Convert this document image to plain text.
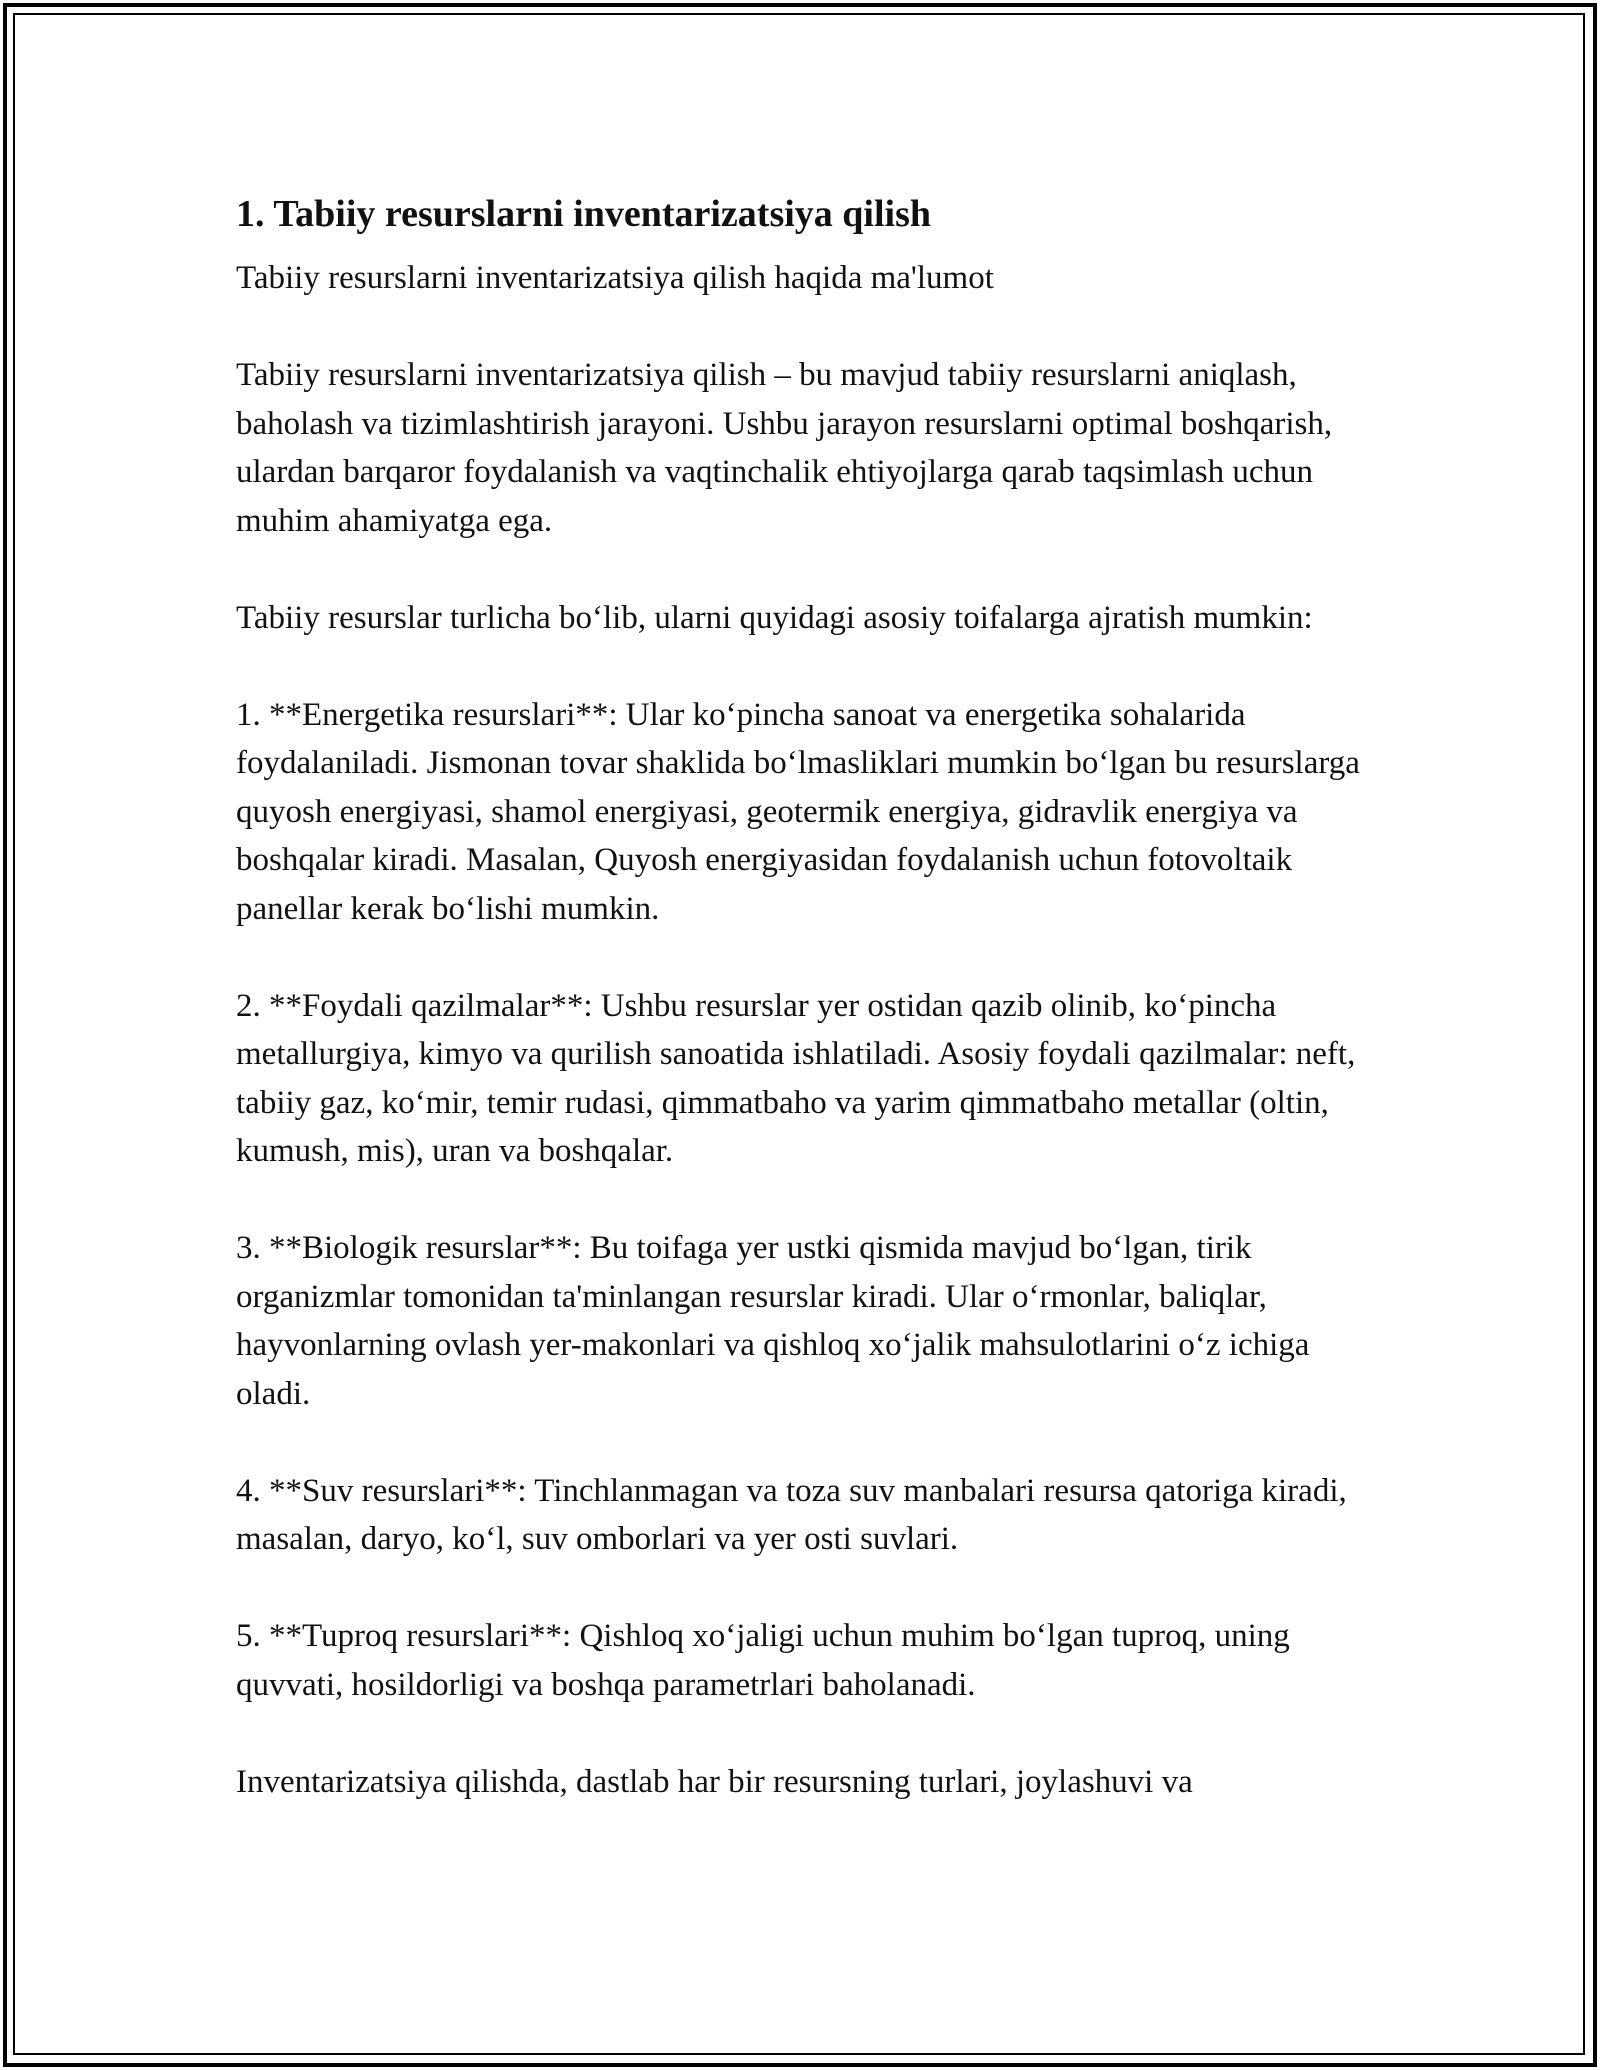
1. Tabiiy resurslarni inventarizatsiya qilish
Tabiiy resurslarni inventarizatsiya qilish haqida ma'lumot
Tabiiy resurslarni inventarizatsiya qilish – bu mavjud tabiiy resurslarni aniqlash, baholash va tizimlashtirish jarayoni. Ushbu jarayon resurslarni optimal boshqarish, ulardan barqaror foydalanish va vaqtinchalik ehtiyojlarga qarab taqsimlash uchun muhim ahamiyatga ega.
Tabiiy resurslar turlicha bo‘lib, ularni quyidagi asosiy toifalarga ajratish mumkin:
1. **Energetika resurslari**: Ular ko‘pincha sanoat va energetika sohalarida foydalaniladi. Jismonan tovar shaklida bo‘lmasliklari mumkin bo‘lgan bu resurslarga quyosh energiyasi, shamol energiyasi, geotermik energiya, gidravlik energiya va boshqalar kiradi. Masalan, Quyosh energiyasidan foydalanish uchun fotovoltaik panellar kerak bo‘lishi mumkin.
2. **Foydali qazilmalar**: Ushbu resurslar yer ostidan qazib olinib, ko‘pincha metallurgiya, kimyo va qurilish sanoatida ishlatiladi. Asosiy foydali qazilmalar: neft, tabiiy gaz, ko‘mir, temir rudasi, qimmatbaho va yarim qimmatbaho metallar (oltin, kumush, mis), uran va boshqalar.
3. **Biologik resurslar**: Bu toifaga yer ustki qismida mavjud bo‘lgan, tirik organizmlar tomonidan ta'minlangan resurslar kiradi. Ular o‘rmonlar, baliqlar, hayvonlarning ovlash yer-makonlari va qishloq xo‘jalik mahsulotlarini o‘z ichiga oladi.
4. **Suv resurslari**: Tinchlanmagan va toza suv manbalari resursa qatoriga kiradi, masalan, daryo, ko‘l, suv omborlari va yer osti suvlari.
5. **Tuproq resurslari**: Qishloq xo‘jaligi uchun muhim bo‘lgan tuproq, uning quvvati, hosildorligi va boshqa parametrlari baholanadi.
Inventarizatsiya qilishda, dastlab har bir resursning turlari, joylashuvi va
